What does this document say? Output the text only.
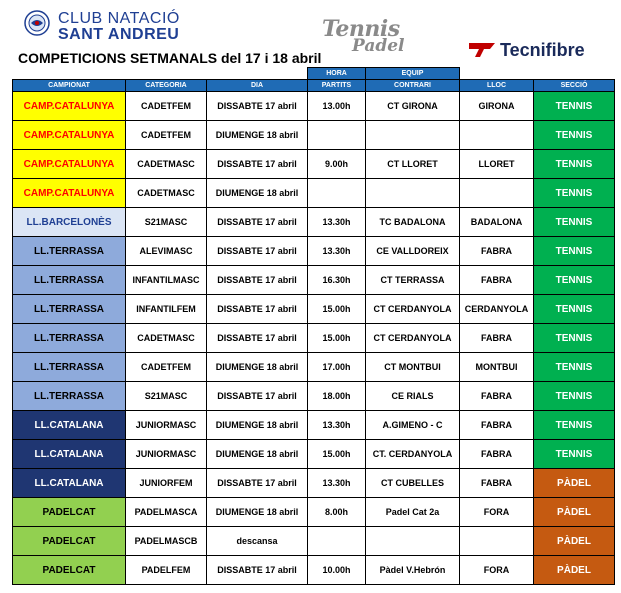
CLUB NATACIÓ
SANT ANDREU	Tennis
Padel	Tecnifibre
COMPETICIONS SETMANALS del 17 i 18 abril
			HORA	EQUIP		
CAMPIONAT	CATEGORIA	DIA	PARTITS	CONTRARI	LLOC	SECCIÓ
CAMP.CATALUNYA	CADETFEM	DISSABTE 17 abril	13.00h	CT GIRONA	GIRONA	TENNIS
CAMP.CATALUNYA	CADETFEM	DIUMENGE 18 abril				TENNIS
CAMP.CATALUNYA	CADETMASC	DISSABTE 17 abril	9.00h	CT LLORET	LLORET	TENNIS
CAMP.CATALUNYA	CADETMASC	DIUMENGE 18 abril				TENNIS
LL.BARCELONÈS	S21MASC	DISSABTE 17 abril	13.30h	TC BADALONA	BADALONA	TENNIS
LL.TERRASSA	ALEVIMASC	DISSABTE 17 abril	13.30h	CE VALLDOREIX	FABRA	TENNIS
LL.TERRASSA	INFANTILMASC	DISSABTE 17 abril	16.30h	CT TERRASSA	FABRA	TENNIS
LL.TERRASSA	INFANTILFEM	DISSABTE 17 abril	15.00h	CT CERDANYOLA	CERDANYOLA	TENNIS
LL.TERRASSA	CADETMASC	DISSABTE 17 abril	15.00h	CT CERDANYOLA	FABRA	TENNIS
LL.TERRASSA	CADETFEM	DIUMENGE 18 abril	17.00h	CT MONTBUI	MONTBUI	TENNIS
LL.TERRASSA	S21MASC	DISSABTE 17 abril	18.00h	CE RIALS	FABRA	TENNIS
LL.CATALANA	JUNIORMASC	DIUMENGE 18 abril	13.30h	A.GIMENO - C	FABRA	TENNIS
LL.CATALANA	JUNIORMASC	DIUMENGE 18 abril	15.00h	CT. CERDANYOLA	FABRA	TENNIS
LL.CATALANA	JUNIORFEM	DISSABTE 17 abril	13.30h	CT CUBELLES	FABRA	PÀDEL
PADELCAT	PADELMASCA	DIUMENGE 18 abril	8.00h	Padel Cat 2a	FORA	PÀDEL
PADELCAT	PADELMASCB	descansa				PÀDEL
PADELCAT	PADELFEM	DISSABTE 17 abril	10.00h	Pàdel V.Hebrón	FORA	PÀDEL
